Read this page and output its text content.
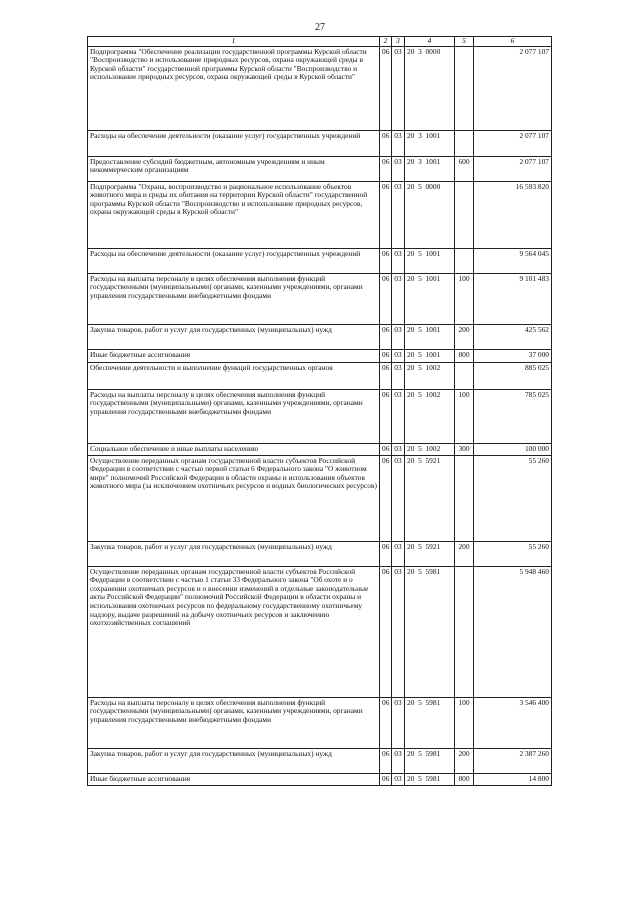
27
1	2	3	4	5	6
Подпрограмма "Обеспечение реализации государственной программы Курской области "Воспроизводство и использование природных ресурсов, охрана окружающей среды в Курской области" государственной программы Курской области "Воспроизводство и использование природных ресурсов, охрана окружающей среды в Курской области"	06	03	20  3  0000		2 077 107
Расходы на обеспечение деятельности (оказание услуг) государственных учреждений	06	03	20  3  1001		2 077 107
Предоставление субсидий бюджетным, автономным учреждениям и иным некоммерческим организациям	06	03	20  3  1001	600	2 077 107
Подпрограмма "Охрана, воспроизводство и рациональное использование объектов животного мира и среды их обитания на территории Курской области" государственной программы Курской области "Воспроизводство и использование природных ресурсов, охрана окружающей среды в Курской области"	06	03	20  5  0000		16 593 820
Расходы на обеспечение деятельности (оказание услуг) государственных учреждений	06	03	20  5  1001		9 564 045
Расходы на выплаты персоналу в целях обеспечения выполнения функций государственными (муниципальными) органами, казенными учреждениями, органами управления государственными внебюджетными фондами	06	03	20  5  1001	100	9 101 483
Закупка товаров, работ и услуг для государственных (муниципальных) нужд	06	03	20  5  1001	200	425 562
Иные бюджетные ассигнования	06	03	20  5  1001	800	37 000
Обеспечение деятельности и выполнение функций государственных органов	06	03	20  5  1002		885 025
Расходы на выплаты персоналу в целях обеспечения выполнения функций государственными (муниципальными) органами, казенными учреждениями, органами управления государственными внебюджетными фондами	06	03	20  5  1002	100	785 025
Социальное обеспечение и иные выплаты населению	06	03	20  5  1002	300	100 000
Осуществление переданных органам государственной власти субъектов Российской Федерации в соответствии с частью первой статьи 6 Федерального закона "О животном мире" полномочий Российской Федерации в области охраны и использования объектов животного мира (за исключением охотничьих ресурсов и водных биологических ресурсов)	06	03	20  5  5921		55 260
Закупка товаров, работ и услуг для государственных (муниципальных) нужд	06	03	20  5  5921	200	55 260
Осуществление переданных органам государственной власти субъектов Российской Федерации в соответствии с частью 1 статьи 33 Федерального закона "Об охоте и о сохранении охотничьих ресурсов и о внесении изменений в отдельные законодательные акты Российской Федерации" полномочий Российской Федерации в области охраны и использования охотничьих ресурсов по федеральному государственному охотничьему надзору, выдаче разрешений на добычу охотничьих ресурсов и заключению охотхозяйственных соглашений	06	03	20  5  5981		5 948 460
Расходы на выплаты персоналу в целях обеспечения выполнения функций государственными (муниципальными) органами, казенными учреждениями, органами управления государственными внебюджетными фондами	06	03	20  5  5981	100	3 546 400
Закупка товаров, работ и услуг для государственных (муниципальных) нужд	06	03	20  5  5981	200	2 387 260
Иные бюджетные ассигнования	06	03	20  5  5981	800	14 800
